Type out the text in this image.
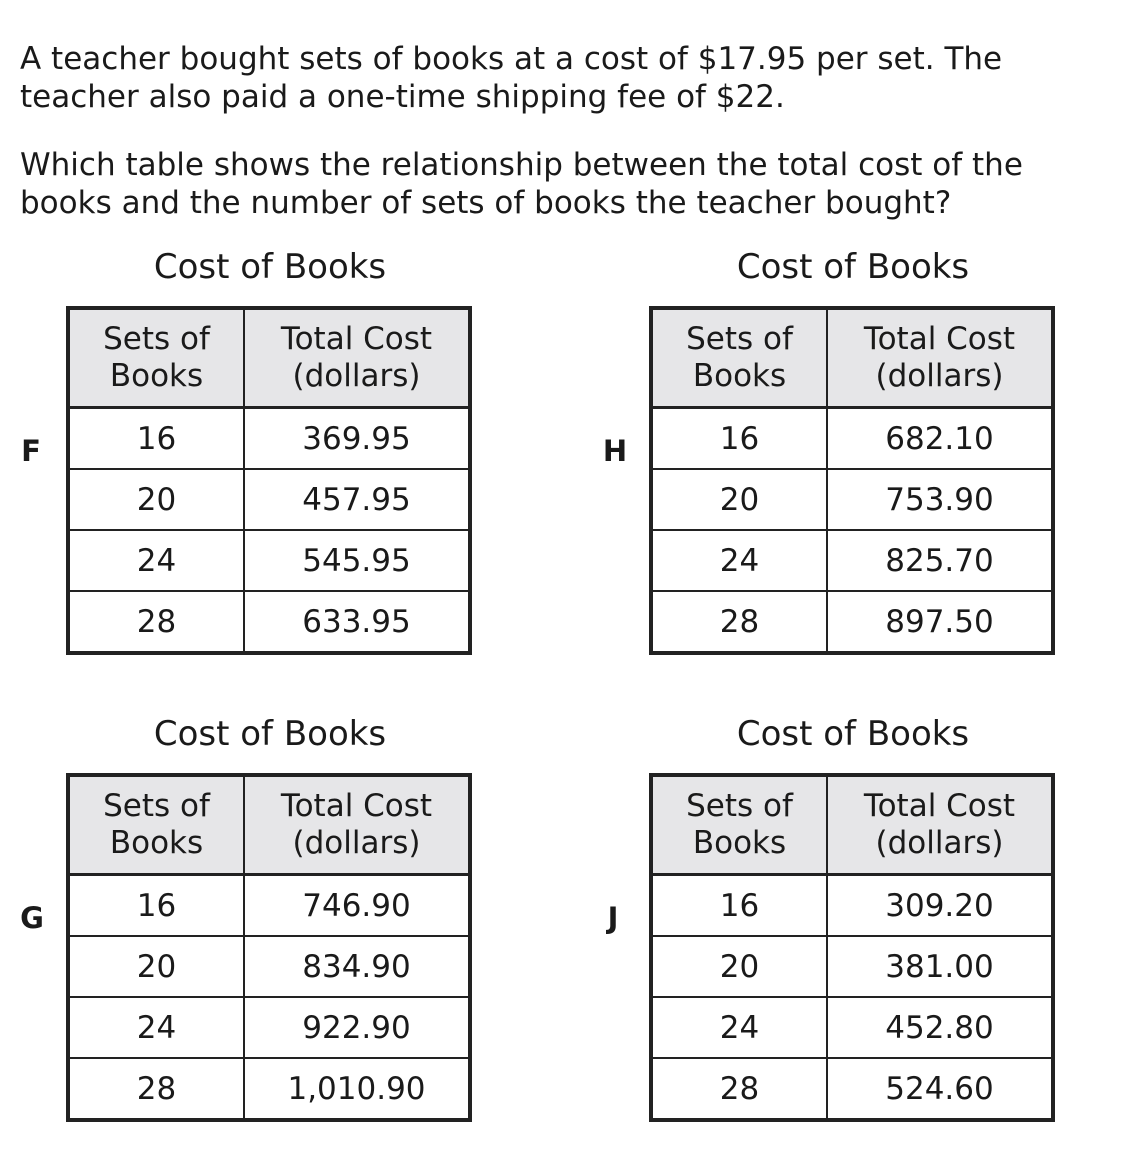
A teacher bought sets of books at a cost of $17.95 per set. The teacher also paid a one-time shipping fee of $22.

Which table shows the relationship between the total cost of the books and the number of sets of books the teacher bought?

Cost of Books
F
Sets of
Books	Total Cost
(dollars)

16	369.95
20	457.95
24	545.95
28	633.95
Cost of Books
H
Sets of
Books	Total Cost
(dollars)

16	682.10
20	753.90
24	825.70
28	897.50
Cost of Books
G
Sets of
Books	Total Cost
(dollars)

16	746.90
20	834.90
24	922.90
28	1,010.90
Cost of Books
J
Sets of
Books	Total Cost
(dollars)

16	309.20
20	381.00
24	452.80
28	524.60
